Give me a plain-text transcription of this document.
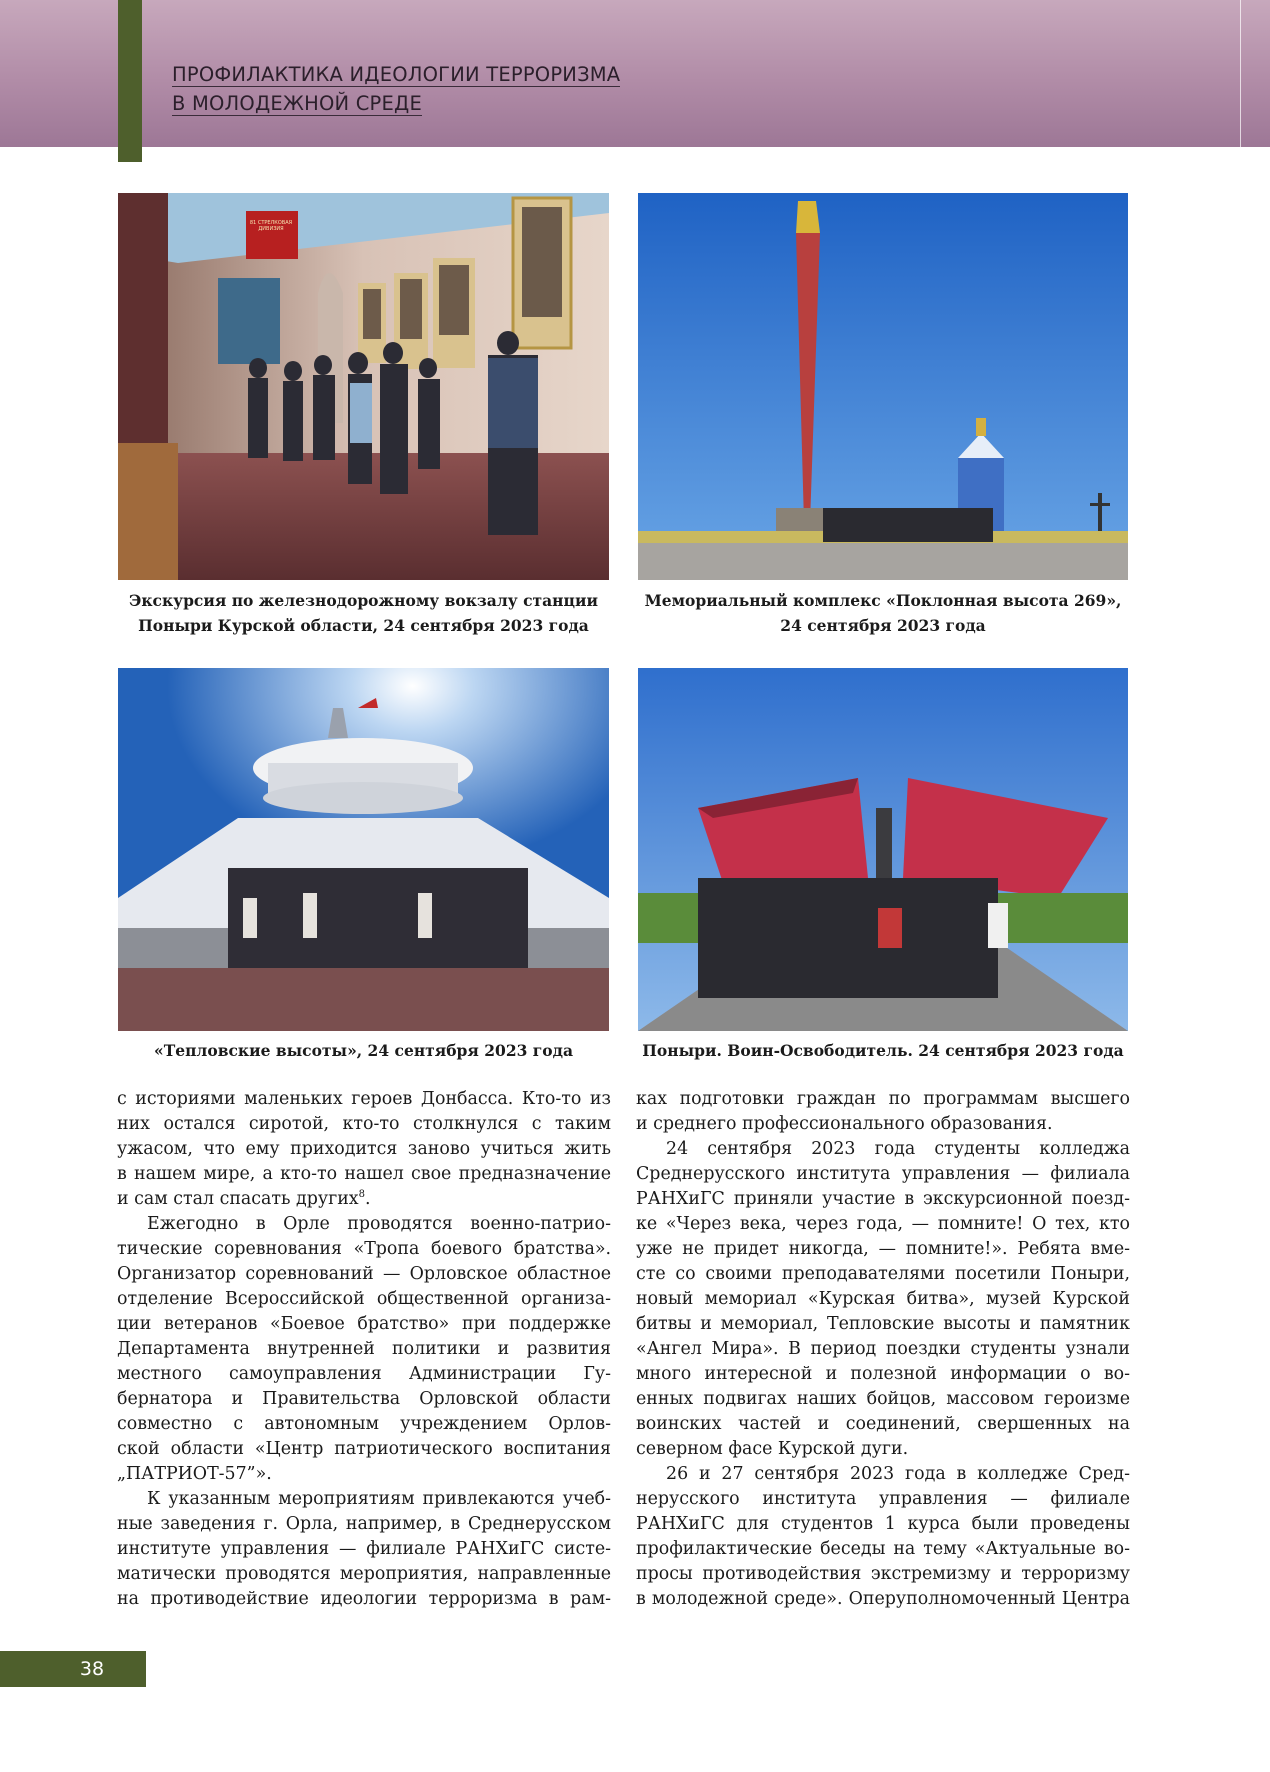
ПРОФИЛАКТИКА ИДЕОЛОГИИ ТЕРРОРИЗМА
В МОЛОДЕЖНОЙ СРЕДЕ
Экскурсия по железнодорожному вокзалу станции
Поныри Курской области, 24 сентября 2023 года
Мемориальный комплекс «Поклонная высота 269»,
24 сентября 2023 года
«Тепловские высоты», 24 сентября 2023 года	Поныри. Воин-Освободитель. 24 сентября 2023 года
81 СТРЕЛКОВАЯ ДИВИЗИЯ
с историями маленьких героев Донбасса. Кто-то из
них остался сиротой, кто-то столкнулся с таким
ужасом, что ему приходится заново учиться жить
в нашем мире, а кто-то нашел свое предназначение
и сам стал спасать других$^8$.
Ежегодно в Орле проводятся военно-патрио-
тические соревнования «Тропа боевого братства».
Организатор соревнований — Орловское областное
отделение Всероссийской общественной организа-
ции ветеранов «Боевое братство» при поддержке
Департамента внутренней политики и развития
местного самоуправления Администрации Гу-
бернатора и Правительства Орловской области
совместно с автономным учреждением Орлов-
ской области «Центр патриотического воспитания
„ПАТРИОТ-57”».
К указанным мероприятиям привлекаются учеб-
ные заведения г. Орла, например, в Среднерусском
институте управления — филиале РАНХиГС систе-
матически проводятся мероприятия, направленные
на противодействие идеологии терроризма в рам-
ках подготовки граждан по программам высшего
и среднего профессионального образования.
24 сентября 2023 года студенты колледжа
Среднерусского института управления — филиала
РАНХиГС приняли участие в экскурсионной поезд-
ке «Через века, через года, — помните! О тех, кто
уже не придет никогда, — помните!». Ребята вме-
сте со своими преподавателями посетили Поныри,
новый мемориал «Курская битва», музей Курской
битвы и мемориал, Тепловские высоты и памятник
«Ангел Мира». В период поездки студенты узнали
много интересной и полезной информации о во-
енных подвигах наших бойцов, массовом героизме
воинских частей и соединений, свершенных на
северном фасе Курской дуги.
26 и 27 сентября 2023 года в колледже Сред-
нерусского института управления — филиале
РАНХиГС для студентов 1 курса были проведены
профилактические беседы на тему «Актуальные во-
просы противодействия экстремизму и терроризму
в молодежной среде». Оперуполномоченный Центра
38
